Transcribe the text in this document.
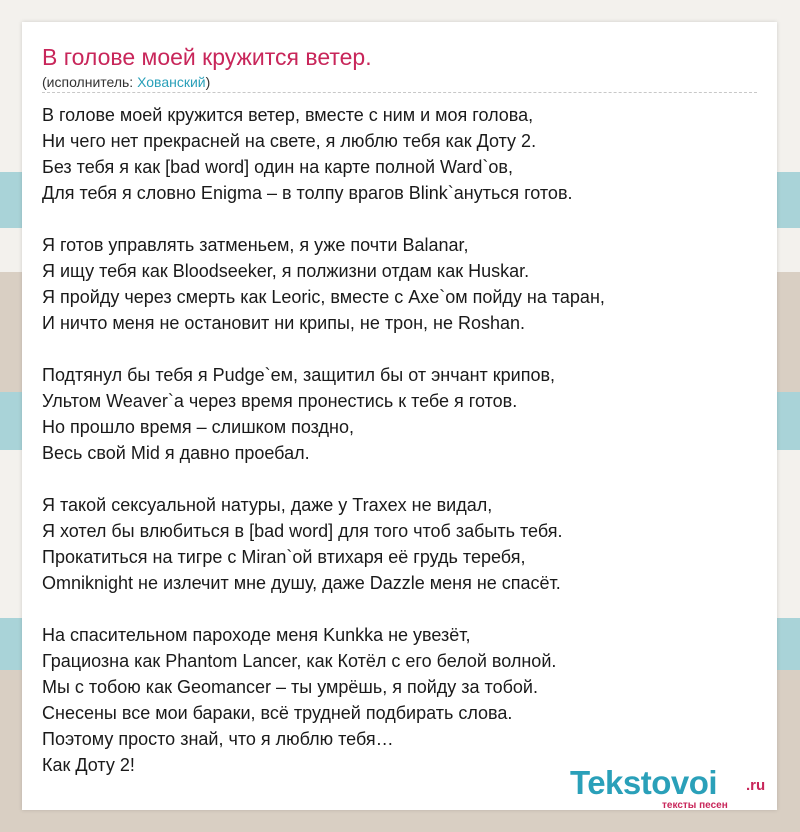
В голове моей кружится ветер.
(исполнитель: Хованский)
В голове моей кружится ветер, вместе с ним и моя голова,
Ни чего нет прекрасней на свете, я люблю тебя как Доту 2.
Без тебя я как [bad word] один на карте полной Ward`ов,
Для тебя я словно Enigma – в толпу врагов Blink`ануться готов.
Я готов управлять затменьем, я уже почти Balanar,
Я ищу тебя как Bloodseeker, я полжизни отдам как Huskar.
Я пройду через смерть как Leoric, вместе с Axe`ом пойду на таран,
И ничто меня не остановит ни крипы, не трон, не Roshan.
Подтянул бы тебя я Pudge`ем, защитил бы от энчант крипов,
Ультом Weaver`a через время пронестись к тебе я готов.
Но прошло время – слишком поздно,
Весь свой Mid я давно проебал.
Я такой сексуальной натуры, даже у Traxex не видал,
Я хотел бы влюбиться в [bad word] для того чтоб забыть тебя.
Прокатиться на тигре с Miran`ой втихаря её грудь теребя,
Omniknight не излечит мне душу, даже Dazzle меня не спасёт.
На спасительном пароходе меня Kunkka не увезёт,
Грациозна как Phantom Lancer, как Котёл с его белой волной.
Мы с тобою как Geomancer – ты умрёшь, я пойду за тобой.
Снесены все мои бараки, всё трудней подбирать слова.
Поэтому просто знай, что я люблю тебя…
Как Доту 2!	Tekstovoi .ru
тексты песен
